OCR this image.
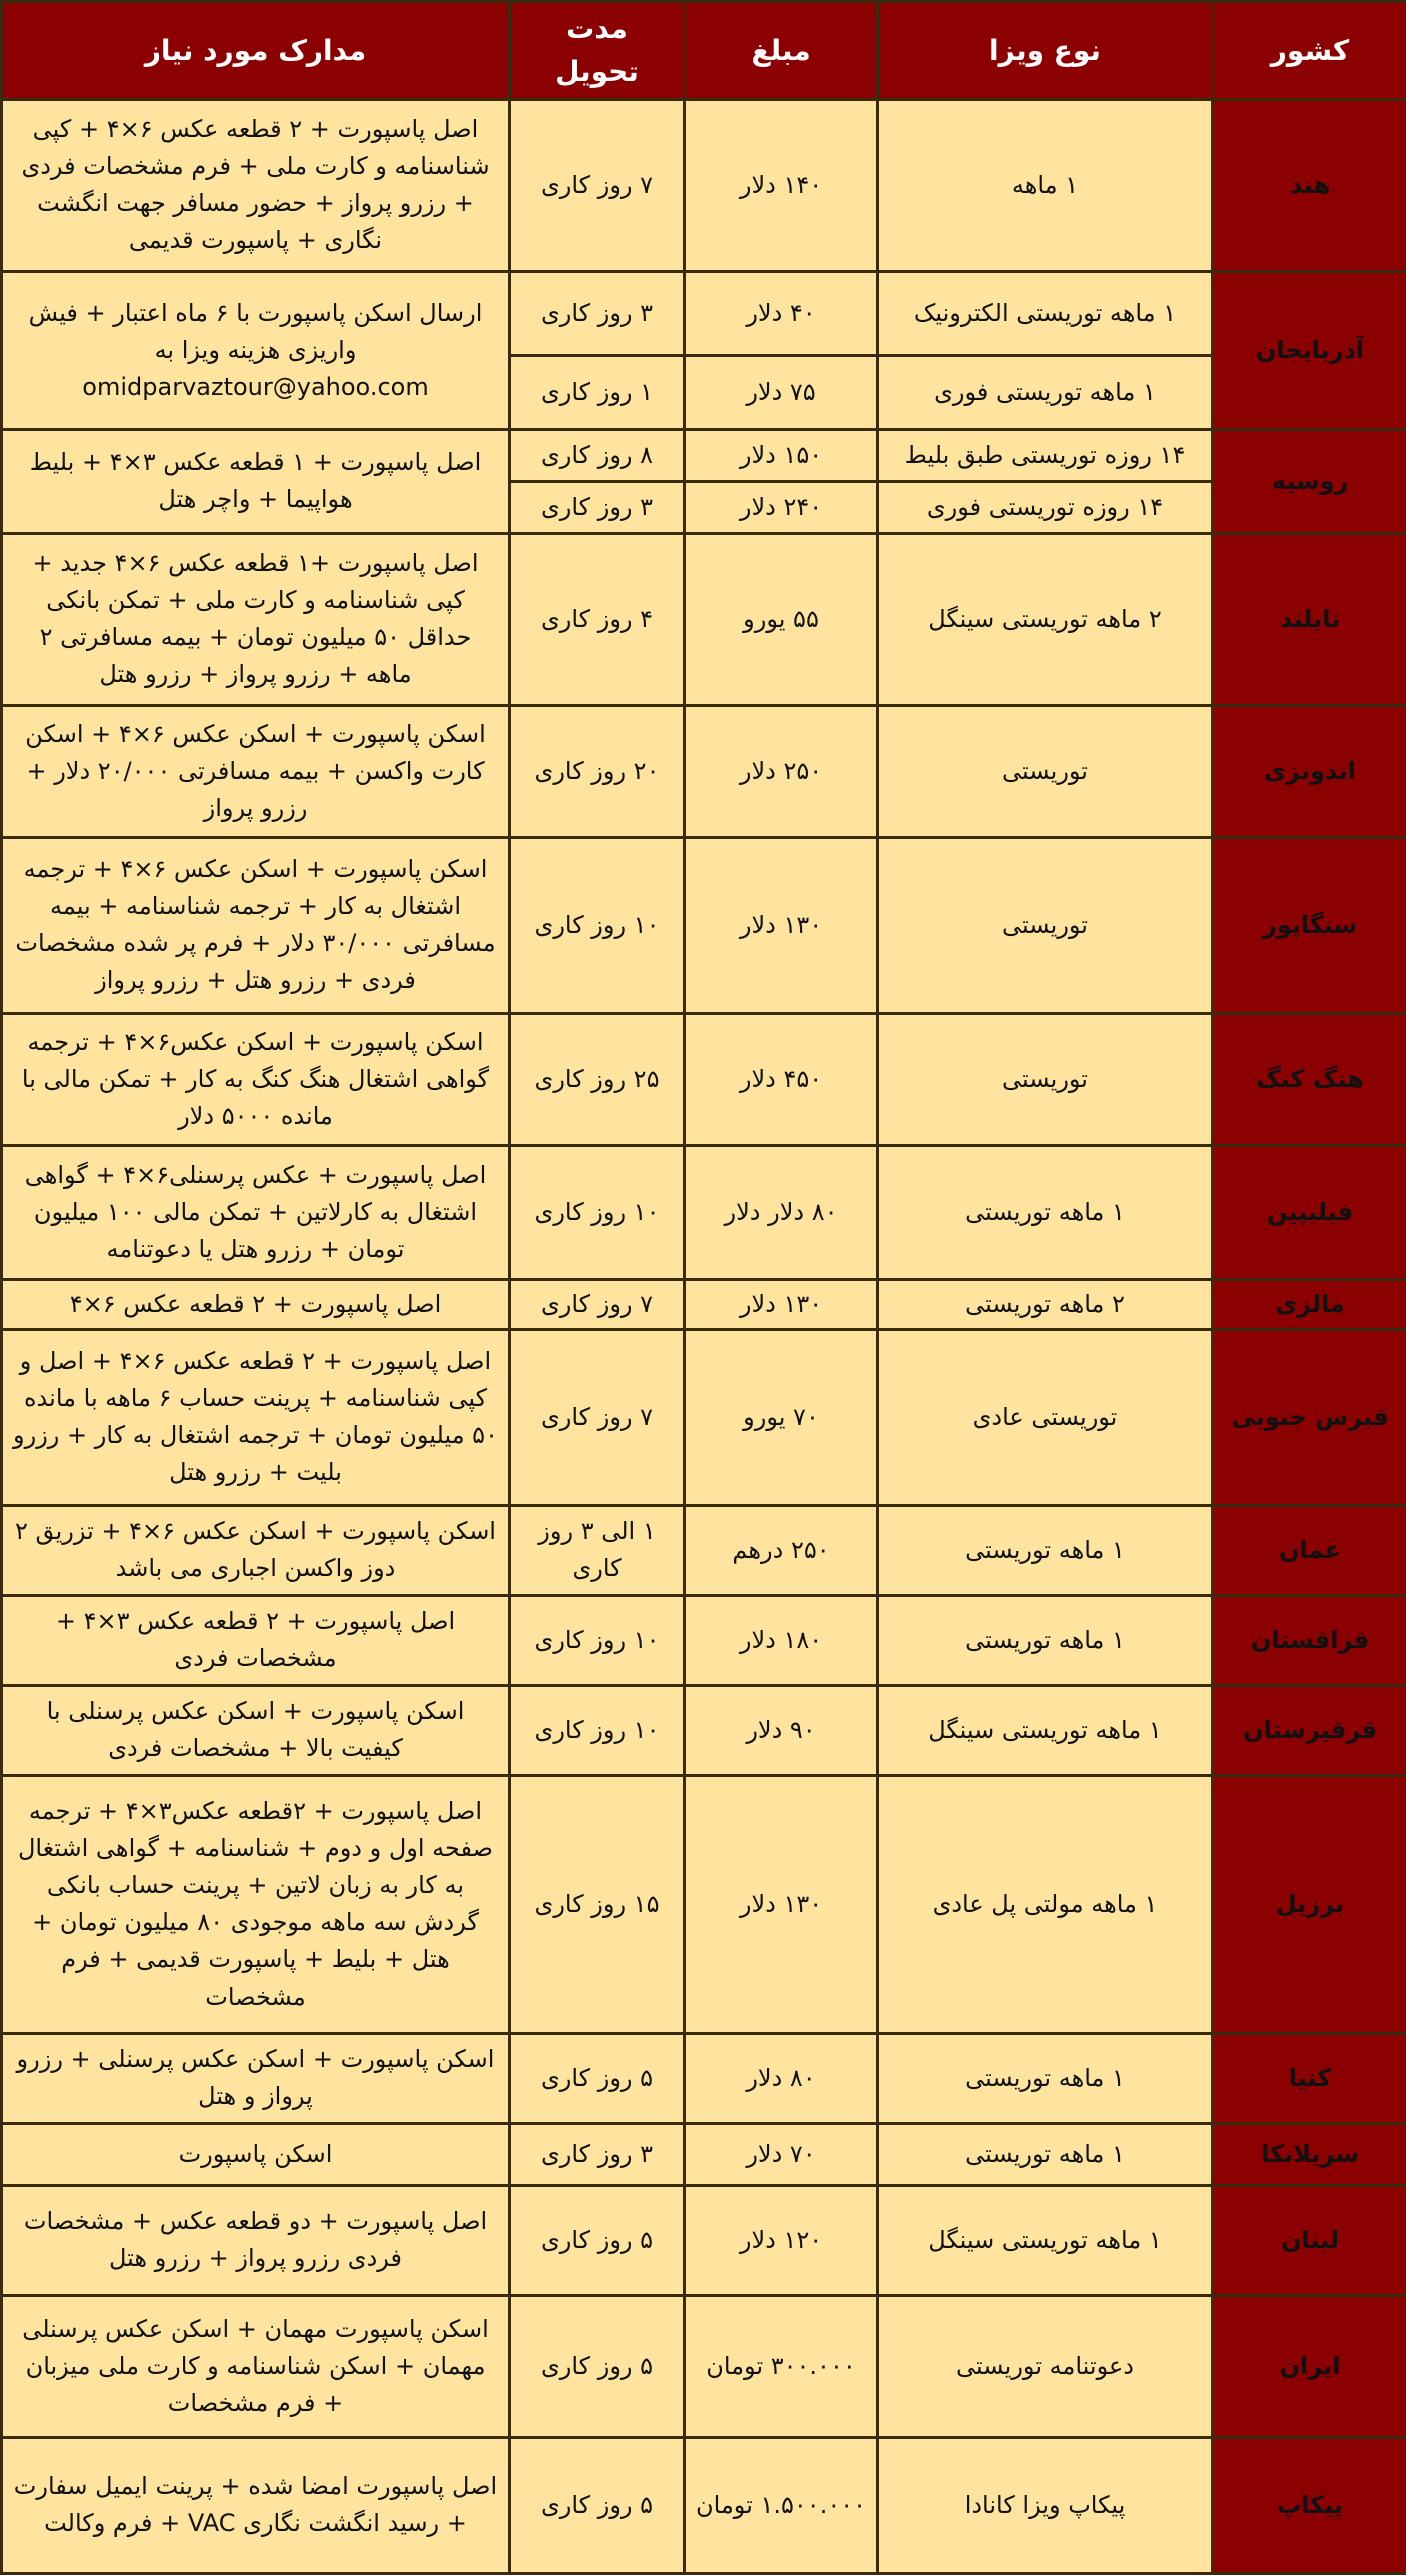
کشور	نوع ویزا	مبلغ	مدت تحویل	مدارک مورد نیاز
هند	۱ ماهه	۱۴۰ دلار	۷ روز کاری	اصل پاسپورت + ۲ قطعه عکس ۶×۴ + کپی شناسنامه و کارت ملی + فرم مشخصات فردی + رزرو پرواز + حضور مسافر جهت انگشت نگاری + پاسپورت قدیمی
آذربایجان	۱ ماهه توریستی الکترونیک	۴۰ دلار	۳ روز کاری	ارسال اسکن پاسپورت با ۶ ماه اعتبار + فیش واریزی هزینه ویزا به
omidparvaztour@yahoo.com
	۱ ماهه توریستی فوری	۷۵ دلار	۱ روز کاری	
روسیه	۱۴ روزه توریستی طبق بلیط	۱۵۰ دلار	۸ روز کاری	اصل پاسپورت + ۱ قطعه عکس ۳×۴ + بلیط هواپیما + واچر هتل
	۱۴ روزه توریستی فوری	۲۴۰ دلار	۳ روز کاری	
تایلند	۲ ماهه توریستی سینگل	۵۵ یورو	۴ روز کاری	اصل پاسپورت +۱ قطعه عکس ۶×۴ جدید + کپی شناسنامه و کارت ملی + تمکن بانکی حداقل ۵۰ میلیون تومان + بیمه مسافرتی ۲ ماهه + رزرو پرواز + رزرو هتل
اندونزی	توریستی	۲۵۰ دلار	۲۰ روز کاری	اسکن پاسپورت + اسکن عکس ۶×۴ + اسکن کارت واکسن + بیمه مسافرتی ۲۰/۰۰۰ دلار + رزرو پرواز
سنگاپور	توریستی	۱۳۰ دلار	۱۰ روز کاری	اسکن پاسپورت + اسکن عکس ۶×۴ + ترجمه اشتغال به کار + ترجمه شناسنامه + بیمه مسافرتی ۳۰/۰۰۰ دلار + فرم پر شده مشخصات فردی + رزرو هتل + رزرو پرواز
هنگ کنگ	توریستی	۴۵۰ دلار	۲۵ روز کاری	اسکن پاسپورت + اسکن عکس۶×۴ + ترجمه گواهی اشتغال هنگ کنگ به کار + تمکن مالی با مانده ۵۰۰۰ دلار
فیلیپین	۱ ماهه توریستی	۸۰ دلار دلار	۱۰ روز کاری	اصل پاسپورت + عکس پرسنلی۶×۴ + گواهی اشتغال به کارلاتین + تمکن مالی ۱۰۰ میلیون تومان + رزرو هتل یا دعوتنامه
مالزی	۲ ماهه توریستی	۱۳۰ دلار	۷ روز کاری	اصل پاسپورت + ۲ قطعه عکس ۶×۴
قبرس جنوبی	توریستی عادی	۷۰ یورو	۷ روز کاری	اصل پاسپورت + ۲ قطعه عکس ۶×۴ + اصل و کپی شناسنامه + پرینت حساب ۶ ماهه با مانده ۵۰ میلیون تومان + ترجمه اشتغال به کار + رزرو بلیت + رزرو هتل
عمان	۱ ماهه توریستی	۲۵۰ درهم	۱ الی ۳ روز کاری	اسکن پاسپورت + اسکن عکس ۶×۴ + تزریق ۲ دوز واکسن اجباری می باشد
قزاقستان	۱ ماهه توریستی	۱۸۰ دلار	۱۰ روز کاری	اصل پاسپورت + ۲ قطعه عکس ۳×۴ + مشخصات فردی
قرقیزستان	۱ ماهه توریستی سینگل	۹۰ دلار	۱۰ روز کاری	اسکن پاسپورت + اسکن عکس پرسنلی با کیفیت بالا + مشخصات فردی
برزیل	۱ ماهه مولتی پل عادی	۱۳۰ دلار	۱۵ روز کاری	اصل پاسپورت + ۲قطعه عکس۳×۴ + ترجمه صفحه اول و دوم + شناسنامه + گواهی اشتغال به کار به زبان لاتین + پرینت حساب بانکی گردش سه ماهه موجودی ۸۰ میلیون تومان + هتل + بلیط + پاسپورت قدیمی + فرم مشخصات
کنیا	۱ ماهه توریستی	۸۰ دلار	۵ روز کاری	اسکن پاسپورت + اسکن عکس پرسنلی + رزرو پرواز و هتل
سریلانکا	۱ ماهه توریستی	۷۰ دلار	۳ روز کاری	اسکن پاسپورت
لبنان	۱ ماهه توریستی سینگل	۱۲۰ دلار	۵ روز کاری	اصل پاسپورت + دو قطعه عکس + مشخصات فردی رزرو پرواز + رزرو هتل
ایران	دعوتنامه توریستی	۳۰۰.۰۰۰ تومان	۵ روز کاری	اسکن پاسپورت مهمان + اسکن عکس پرسنلی مهمان + اسکن شناسنامه و کارت ملی میزبان + فرم مشخصات
پیکاپ	پیکاپ ویزا کانادا	۱.۵۰۰.۰۰۰ تومان	۵ روز کاری	اصل پاسپورت امضا شده + پرینت ایمیل سفارت + رسید انگشت نگاری VAC + فرم وکالت
